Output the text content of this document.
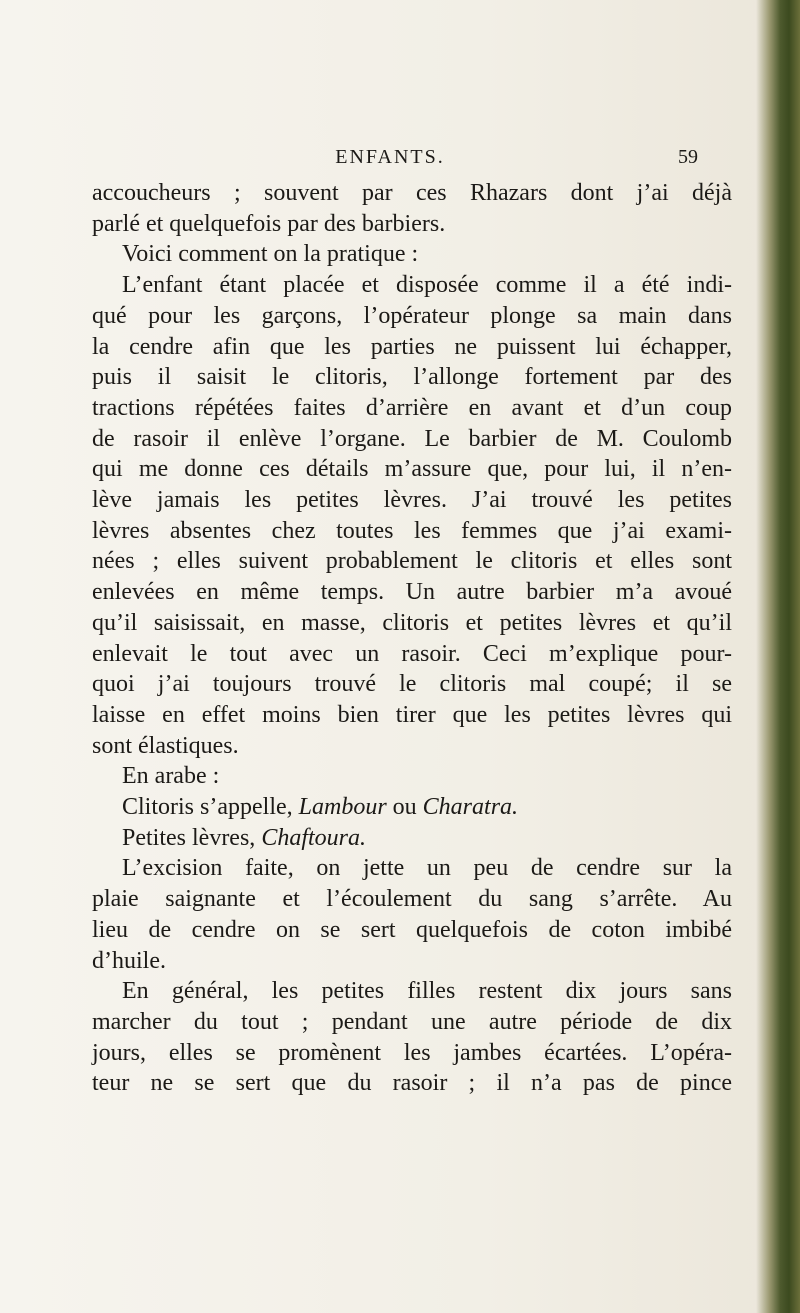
ENFANTS.	59
accoucheurs ; souvent par ces Rhazars dont j’ai déjà
parlé et quelquefois par des barbiers.
Voici comment on la pratique :
L’enfant étant placée et disposée comme il a été indi-
qué pour les garçons, l’opérateur plonge sa main dans
la cendre afin que les parties ne puissent lui échapper,
puis il saisit le clitoris, l’allonge fortement par des
tractions répétées faites d’arrière en avant et d’un coup
de rasoir il enlève l’organe. Le barbier de M. Coulomb
qui me donne ces détails m’assure que, pour lui, il n’en-
lève jamais les petites lèvres. J’ai trouvé les petites
lèvres absentes chez toutes les femmes que j’ai exami-
nées ; elles suivent probablement le clitoris et elles sont
enlevées en même temps. Un autre barbier m’a avoué
qu’il saisissait, en masse, clitoris et petites lèvres et qu’il
enlevait le tout avec un rasoir. Ceci m’explique pour-
quoi j’ai toujours trouvé le clitoris mal coupé; il se
laisse en effet moins bien tirer que les petites lèvres qui
sont élastiques.
En arabe :
Clitoris s’appelle, Lambour ou Charatra.
Petites lèvres, Chaftoura.
L’excision faite, on jette un peu de cendre sur la
plaie saignante et l’écoulement du sang s’arrête. Au
lieu de cendre on se sert quelquefois de coton imbibé
d’huile.
En général, les petites filles restent dix jours sans
marcher du tout ; pendant une autre période de dix
jours, elles se promènent les jambes écartées. L’opéra-
teur ne se sert que du rasoir ; il n’a pas de pince
